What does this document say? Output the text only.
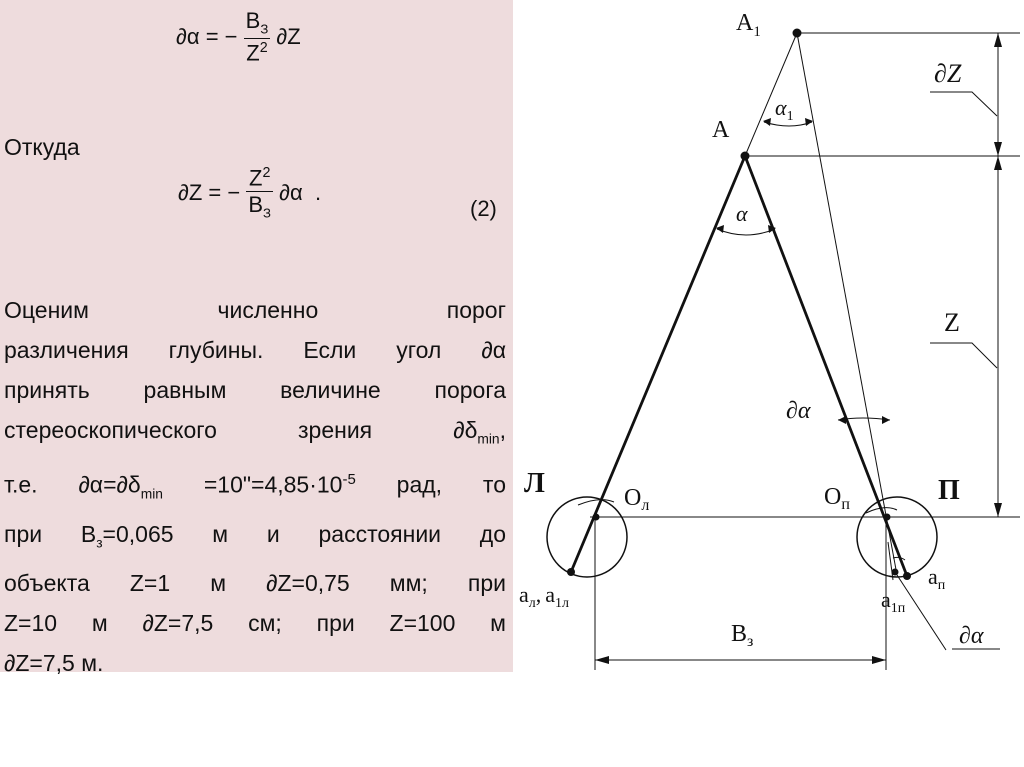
∂α = − $\frac{B_З}{Z^2} \partial Z$
Откуда
∂Z = − $\frac{Z^2}{B_З} \partial\alpha$  .
(2)
Оценим численно порог
различения глубины. Если угол ∂α
принять равным величине порога
стереоскопического зрения $\partial\delta_{min}$,
т.е. $\partial\alpha=\partial\delta_{min}$ $=10"=4,85\cdot 10^{-5}$ рад, то
при $B_з=0,065$ м и расстоянии до
объекта Z=1 м ∂Z=0,75 мм; при
Z=10 м ∂Z=7,5 см; при Z=100 м
∂Z=7,5 м.
$A_1$
A
$\alpha_1$
α
∂Z
Z
∂α
Л	П
$O_л$	$O_п$
$a_л$, $a_{1л}$
$a_п$
$a_{1п}$
$B_з$	∂α
